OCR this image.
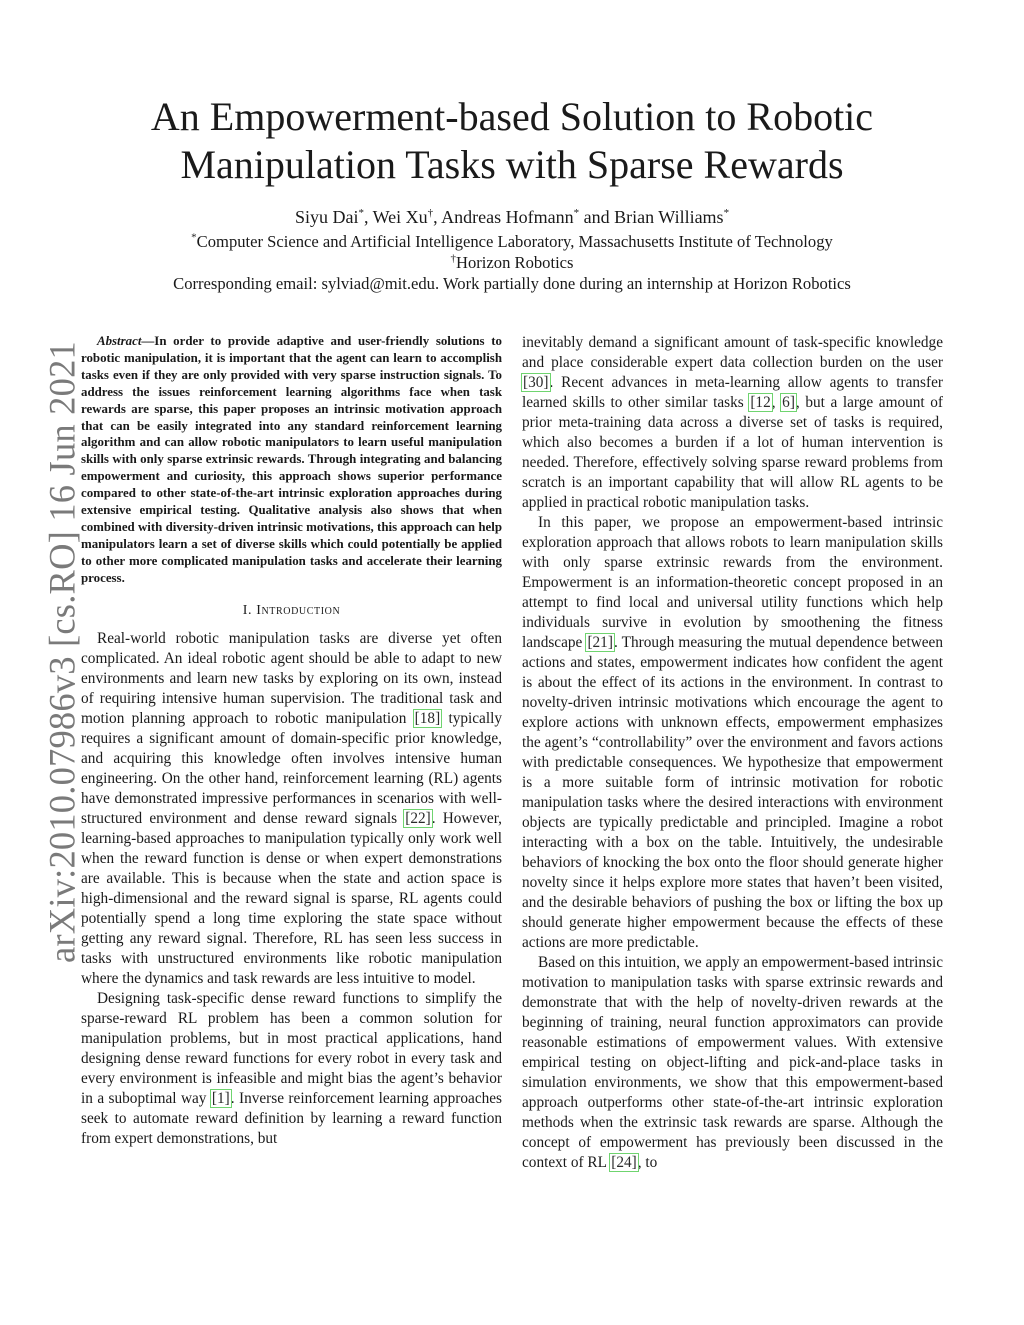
arXiv:2010.07986v3 [cs.RO] 16 Jun 2021
An Empowerment-based Solution to Robotic
Manipulation Tasks with Sparse Rewards
Siyu Dai*, Wei Xu†, Andreas Hofmann* and Brian Williams*
*Computer Science and Artificial Intelligence Laboratory, Massachusetts Institute of Technology
†Horizon Robotics
Corresponding email: sylviad@mit.edu. Work partially done during an internship at Horizon Robotics

Abstract—In order to provide adaptive and user-friendly solutions to robotic manipulation, it is important that the agent can learn to accomplish tasks even if they are only provided with very sparse instruction signals. To address the issues reinforcement learning algorithms face when task rewards are sparse, this paper proposes an intrinsic motivation approach that can be easily integrated into any standard reinforcement learning algorithm and can allow robotic manipulators to learn useful manipulation skills with only sparse extrinsic rewards. Through integrating and balancing empowerment and curiosity, this approach shows superior performance compared to other state-of-the-art intrinsic exploration approaches during extensive empirical testing. Qualitative analysis also shows that when combined with diversity-driven intrinsic motivations, this approach can help manipulators learn a set of diverse skills which could potentially be applied to other more complicated manipulation tasks and accelerate their learning process.

I. Introduction

Real-world robotic manipulation tasks are diverse yet often complicated. An ideal robotic agent should be able to adapt to new environments and learn new tasks by exploring on its own, instead of requiring intensive human supervision. The traditional task and motion planning approach to robotic manipulation [18] typically requires a significant amount of domain-specific prior knowledge, and acquiring this knowledge often involves intensive human engineering. On the other hand, reinforcement learning (RL) agents have demonstrated impressive performances in scenarios with well-structured environment and dense reward signals [22]. However, learning-based approaches to manipulation typically only work well when the reward function is dense or when expert demonstrations are available. This is because when the state and action space is high-dimensional and the reward signal is sparse, RL agents could potentially spend a long time exploring the state space without getting any reward signal. Therefore, RL has seen less success in tasks with unstructured environments like robotic manipulation where the dynamics and task rewards are less intuitive to model.

Designing task-specific dense reward functions to simplify the sparse-reward RL problem has been a common solution for manipulation problems, but in most practical applications, hand designing dense reward functions for every robot in every task and every environment is infeasible and might bias the agent’s behavior in a suboptimal way [1]. Inverse reinforcement learning approaches seek to automate reward definition by learning a reward function from expert demonstrations, but

inevitably demand a significant amount of task-specific knowledge and place considerable expert data collection burden on the user [30]. Recent advances in meta-learning allow agents to transfer learned skills to other similar tasks [12, 6], but a large amount of prior meta-training data across a diverse set of tasks is required, which also becomes a burden if a lot of human intervention is needed. Therefore, effectively solving sparse reward problems from scratch is an important capability that will allow RL agents to be applied in practical robotic manipulation tasks.

In this paper, we propose an empowerment-based intrinsic exploration approach that allows robots to learn manipulation skills with only sparse extrinsic rewards from the environment. Empowerment is an information-theoretic concept proposed in an attempt to find local and universal utility functions which help individuals survive in evolution by smoothening the fitness landscape [21]. Through measuring the mutual dependence between actions and states, empowerment indicates how confident the agent is about the effect of its actions in the environment. In contrast to novelty-driven intrinsic motivations which encourage the agent to explore actions with unknown effects, empowerment emphasizes the agent’s “controllability” over the environment and favors actions with predictable consequences. We hypothesize that empowerment is a more suitable form of intrinsic motivation for robotic manipulation tasks where the desired interactions with environment objects are typically predictable and principled. Imagine a robot interacting with a box on the table. Intuitively, the undesirable behaviors of knocking the box onto the floor should generate higher novelty since it helps explore more states that haven’t been visited, and the desirable behaviors of pushing the box or lifting the box up should generate higher empowerment because the effects of these actions are more predictable.

Based on this intuition, we apply an empowerment-based intrinsic motivation to manipulation tasks with sparse extrinsic rewards and demonstrate that with the help of novelty-driven rewards at the beginning of training, neural function approximators can provide reasonable estimations of empowerment values. With extensive empirical testing on object-lifting and pick-and-place tasks in simulation environments, we show that this empowerment-based approach outperforms other state-of-the-art intrinsic exploration methods when the extrinsic task rewards are sparse. Although the concept of empowerment has previously been discussed in the context of RL [24], to
